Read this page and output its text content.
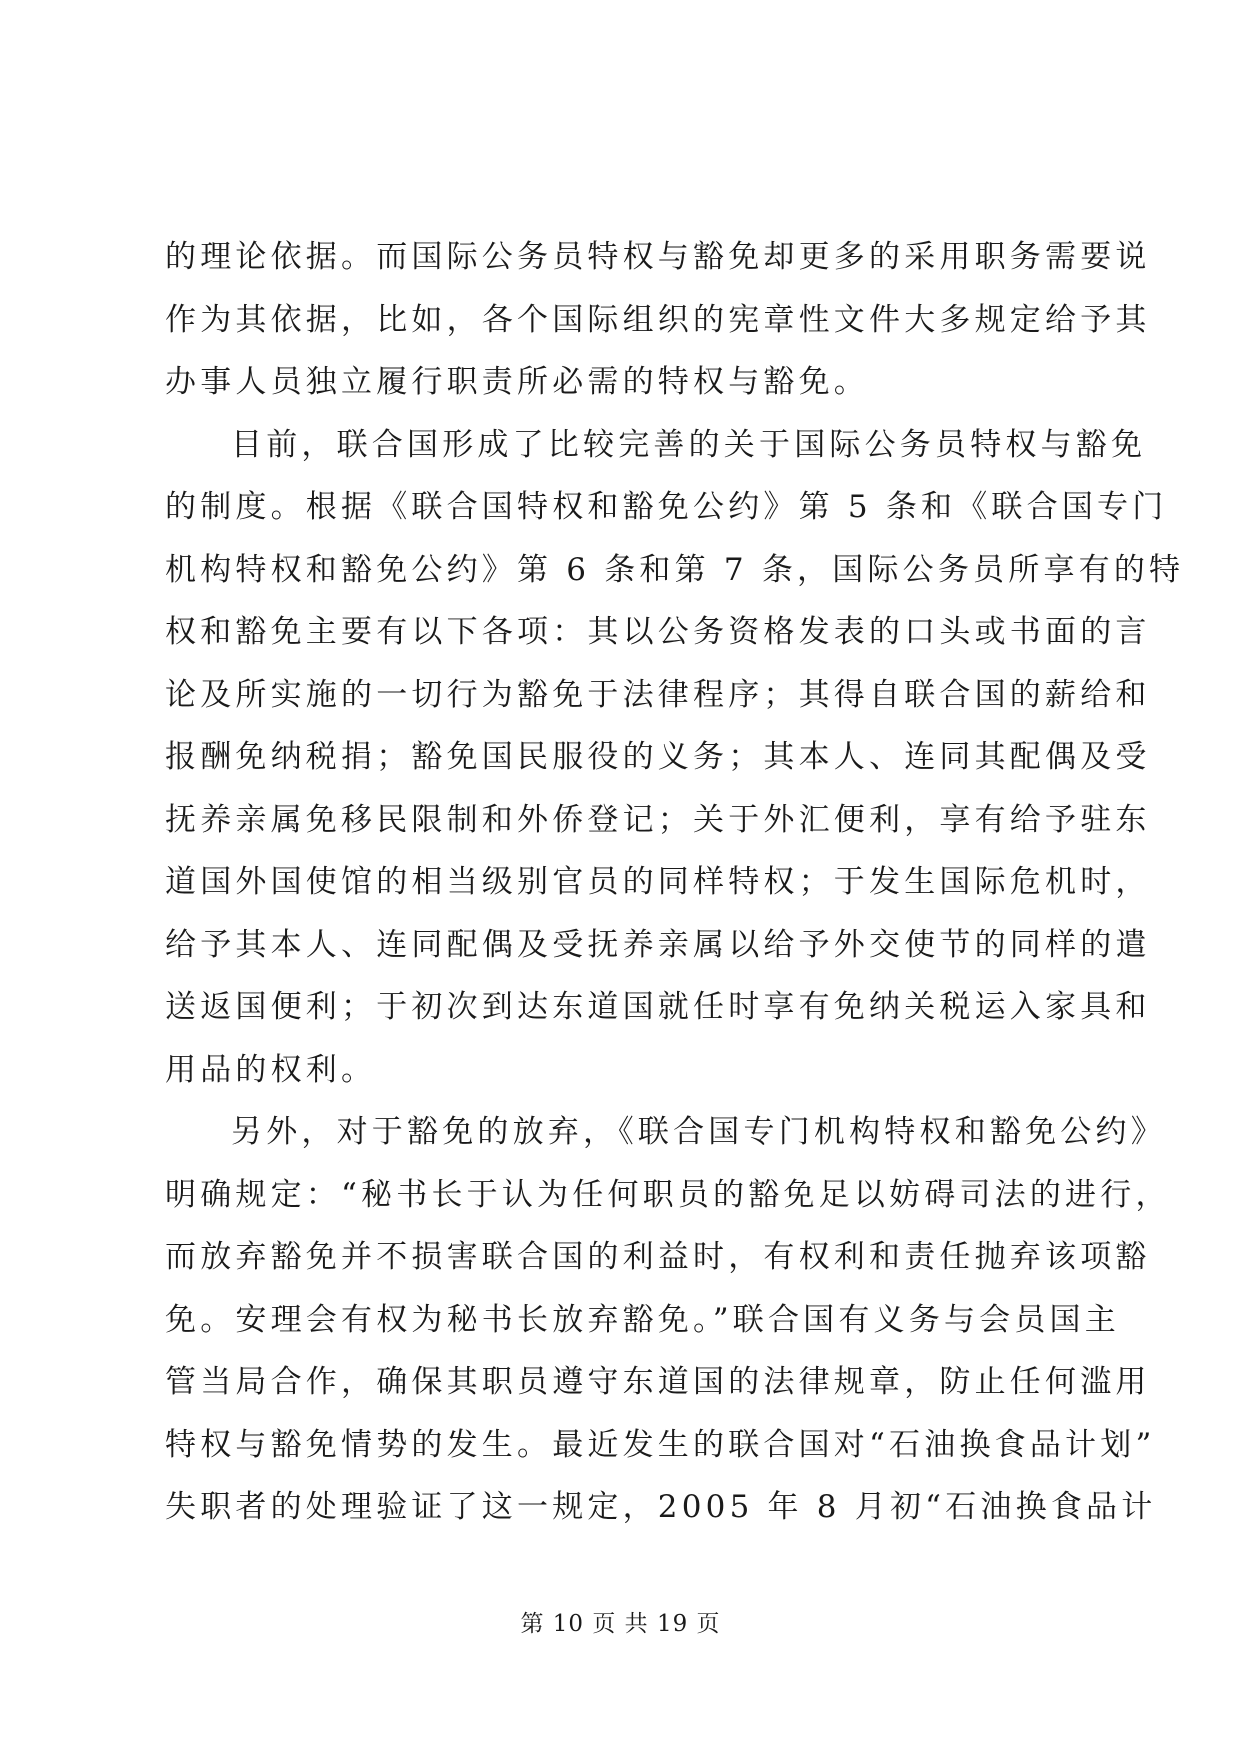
的理论依据。而国际公务员特权与豁免却更多的采用职务需要说
作为其依据，比如，各个国际组织的宪章性文件大多规定给予其
办事人员独立履行职责所必需的特权与豁免。
目前，联合国形成了比较完善的关于国际公务员特权与豁免
的制度。根据《联合国特权和豁免公约》第 5 条和《联合国专门
机构特权和豁免公约》第 6 条和第 7 条，国际公务员所享有的特
权和豁免主要有以下各项：其以公务资格发表的口头或书面的言
论及所实施的一切行为豁免于法律程序；其得自联合国的薪给和
报酬免纳税捐；豁免国民服役的义务；其本人、连同其配偶及受
抚养亲属免移民限制和外侨登记；关于外汇便利，享有给予驻东
道国外国使馆的相当级别官员的同样特权；于发生国际危机时，
给予其本人、连同配偶及受抚养亲属以给予外交使节的同样的遣
送返国便利；于初次到达东道国就任时享有免纳关税运入家具和
用品的权利。
另外，对于豁免的放弃，《联合国专门机构特权和豁免公约》
明确规定：“秘书长于认为任何职员的豁免足以妨碍司法的进行，
而放弃豁免并不损害联合国的利益时，有权利和责任抛弃该项豁
免。安理会有权为秘书长放弃豁免。”联合国有义务与会员国主
管当局合作，确保其职员遵守东道国的法律规章，防止任何滥用
特权与豁免情势的发生。最近发生的联合国对“石油换食品计划”
失职者的处理验证了这一规定，2005 年 8 月初“石油换食品计
第 10 页 共 19 页
